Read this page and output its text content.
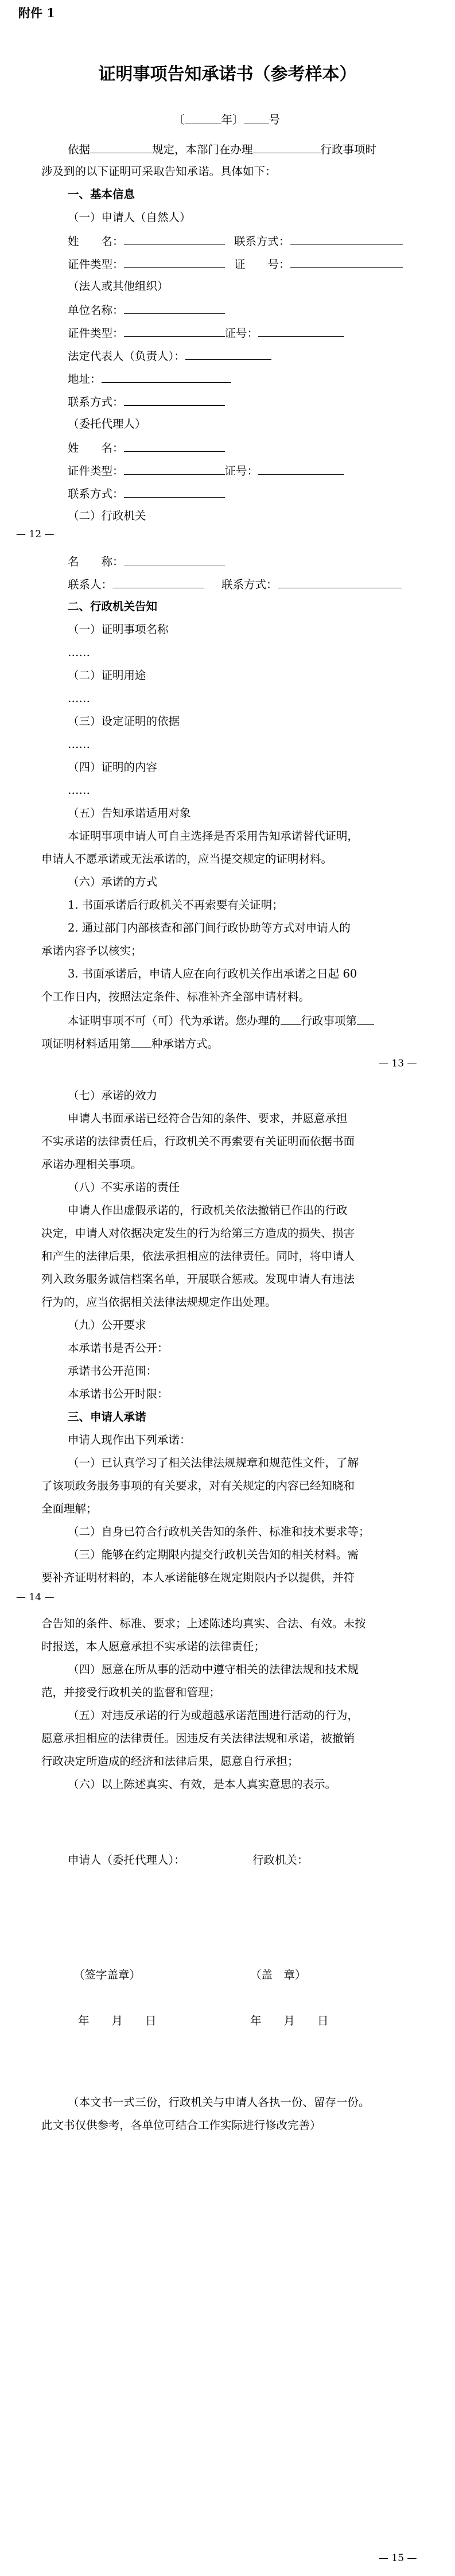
附件 1
证明事项告知承诺书（参考样本）
〔	年〕 号
依据	规定，本部门在办理	行政事项时
涉及到的以下证明可采取告知承诺。具体如下：
一、基本信息
（一）申请人（自然人）
姓　　名：	联系方式：
证件类型：	证　　号：
（法人或其他组织）
单位名称：
证件类型：	证号：
法定代表人（负责人）：
地址：
联系方式：
（委托代理人）
姓　　名：
证件类型：	证号：
联系方式：
（二）行政机关
— 12 —
名　　称：
联系人：	联系方式：
二、行政机关告知
（一）证明事项名称
……
（二）证明用途
……
（三）设定证明的依据
……
（四）证明的内容
……
（五）告知承诺适用对象
本证明事项申请人可自主选择是否采用告知承诺替代证明，
申请人不愿承诺或无法承诺的，应当提交规定的证明材料。
（六）承诺的方式
1. 书面承诺后行政机关不再索要有关证明；
2. 通过部门内部核查和部门间行政协助等方式对申请人的
承诺内容予以核实；
3. 书面承诺后，申请人应在向行政机关作出承诺之日起 60
个工作日内，按照法定条件、标准补齐全部申请材料。
本证明事项不可（可）代为承诺。您办理的 行政事项第
项证明材料适用第 种承诺方式。
— 13 —
（七）承诺的效力
申请人书面承诺已经符合告知的条件、要求，并愿意承担
不实承诺的法律责任后，行政机关不再索要有关证明而依据书面
承诺办理相关事项。
（八）不实承诺的责任
申请人作出虚假承诺的，行政机关依法撤销已作出的行政
决定，申请人对依据决定发生的行为给第三方造成的损失、损害
和产生的法律后果，依法承担相应的法律责任。同时，将申请人
列入政务服务诚信档案名单，开展联合惩戒。发现申请人有违法
行为的，应当依据相关法律法规规定作出处理。
（九）公开要求
本承诺书是否公开：
承诺书公开范围：
本承诺书公开时限：
三、申请人承诺
申请人现作出下列承诺：
（一）已认真学习了相关法律法规规章和规范性文件，了解
了该项政务服务事项的有关要求，对有关规定的内容已经知晓和
全面理解；
（二）自身已符合行政机关告知的条件、标准和技术要求等；
（三）能够在约定期限内提交行政机关告知的相关材料。需
要补齐证明材料的，本人承诺能够在规定期限内予以提供，并符
— 14 —
合告知的条件、标准、要求；上述陈述均真实、合法、有效。未按
时报送，本人愿意承担不实承诺的法律责任；
（四）愿意在所从事的活动中遵守相关的法律法规和技术规
范，并接受行政机关的监督和管理；
（五）对违反承诺的行为或超越承诺范围进行活动的行为，
愿意承担相应的法律责任。因违反有关法律法规和承诺，被撤销
行政决定所造成的经济和法律后果，愿意自行承担；
（六）以上陈述真实、有效，是本人真实意思的表示。
申请人（委托代理人）：	行政机关：
（签字盖章）	（盖　章）
年　　月　　日	年　　月　　日
（本文书一式三份，行政机关与申请人各执一份、留存一份。
此文书仅供参考，各单位可结合工作实际进行修改完善）
— 15 —
